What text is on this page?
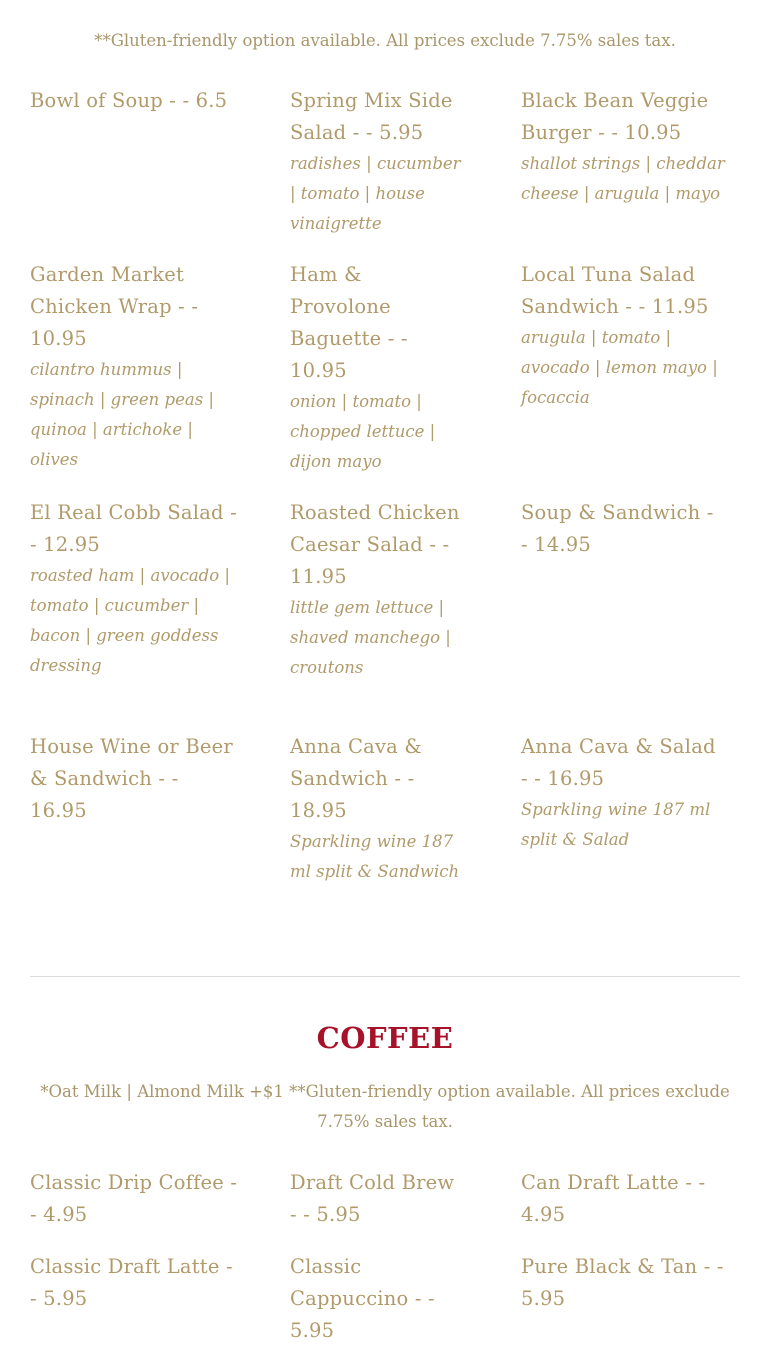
**Gluten-friendly option available. All prices exclude 7.75% sales tax.

Bowl of Soup - - 6.5	Spring Mix Side Salad - - 5.95
radishes | cucumber | tomato | house vinaigrette
Black Bean Veggie Burger - - 10.95
shallot strings | cheddar cheese | arugula | mayo
Garden Market Chicken Wrap - - 10.95
cilantro hummus | spinach | green peas | quinoa | artichoke | olives
Ham & Provolone Baguette - - 10.95
onion | tomato | chopped lettuce | dijon mayo
Local Tuna Salad Sandwich - - 11.95
arugula | tomato | avocado | lemon mayo | focaccia
El Real Cobb Salad - - 12.95
roasted ham | avocado | tomato | cucumber | bacon | green goddess dressing
Roasted Chicken Caesar Salad - - 11.95
little gem lettuce | shaved manchego | croutons
Soup & Sandwich - - 14.95
House Wine or Beer & Sandwich - - 16.95
Anna Cava & Sandwich - - 18.95
Sparkling wine 187 ml split & Sandwich
Anna Cava & Salad - - 16.95
Sparkling wine 187 ml split & Salad
COFFEE

*Oat Milk | Almond Milk +$1 **Gluten-friendly option available. All prices exclude 7.75% sales tax.

Classic Drip Coffee - - 4.95
Draft Cold Brew - - 5.95
Can Draft Latte - - 4.95
Classic Draft Latte - - 5.95
Classic Cappuccino - - 5.95
Pure Black & Tan - - 5.95
